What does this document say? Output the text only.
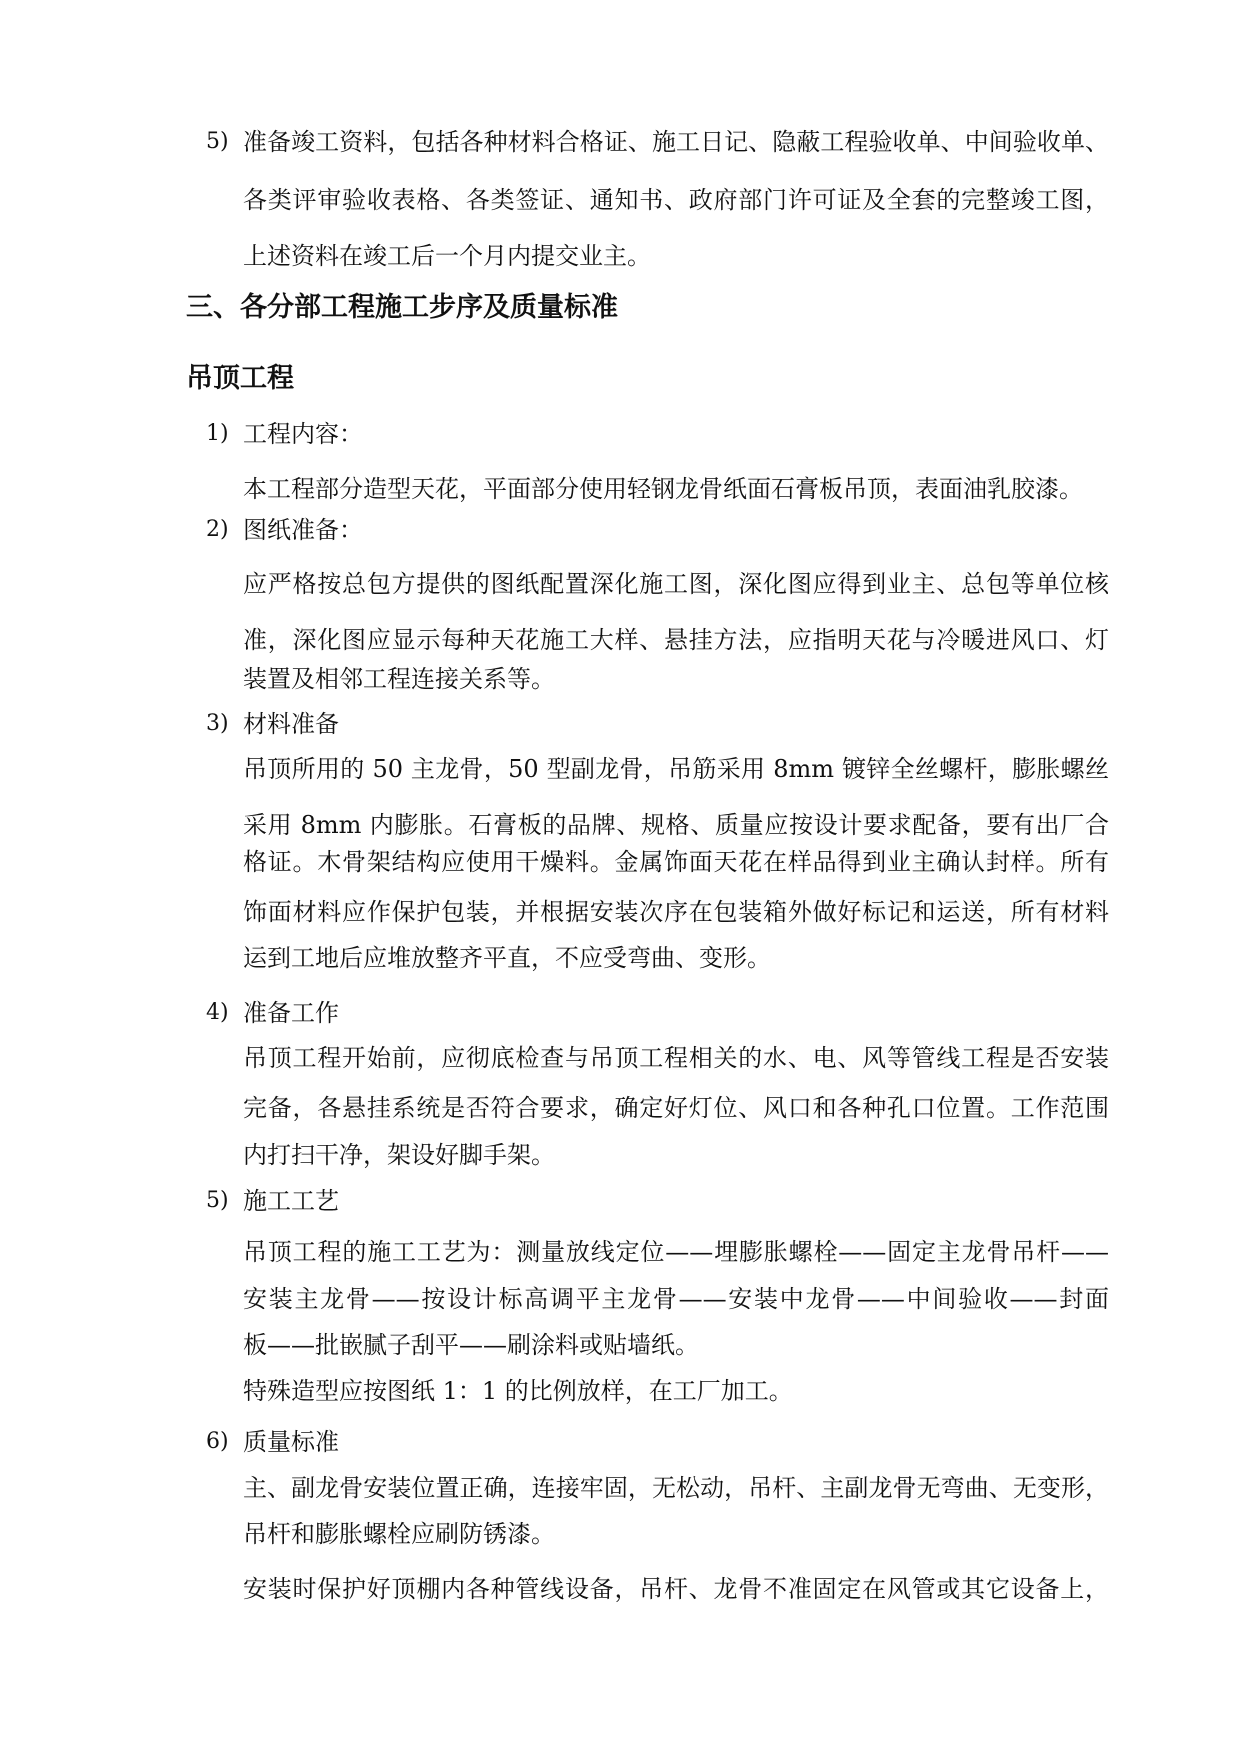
5) 准备竣工资料，包括各种材料合格证、施工日记、隐蔽工程验收单、中间验收单、
各类评审验收表格、各类签证、通知书、政府部门许可证及全套的完整竣工图，
上述资料在竣工后一个月内提交业主。
三、各分部工程施工步序及质量标准
吊顶工程
1) 工程内容：
本工程部分造型天花，平面部分使用轻钢龙骨纸面石膏板吊顶，表面油乳胶漆。
2) 图纸准备：
应严格按总包方提供的图纸配置深化施工图，深化图应得到业主、总包等单位核
准，深化图应显示每种天花施工大样、悬挂方法，应指明天花与冷暖进风口、灯
装置及相邻工程连接关系等。
3) 材料准备
吊顶所用的 50 主龙骨，50 型副龙骨，吊筋采用 8mm 镀锌全丝螺杆，膨胀螺丝
采用 8mm 内膨胀。石膏板的品牌、规格、质量应按设计要求配备，要有出厂合
格证。木骨架结构应使用干燥料。金属饰面天花在样品得到业主确认封样。所有
饰面材料应作保护包装，并根据安装次序在包装箱外做好标记和运送，所有材料
运到工地后应堆放整齐平直，不应受弯曲、变形。
4) 准备工作
吊顶工程开始前，应彻底检查与吊顶工程相关的水、电、风等管线工程是否安装
完备，各悬挂系统是否符合要求，确定好灯位、风口和各种孔口位置。工作范围
内打扫干净，架设好脚手架。
5) 施工工艺
吊顶工程的施工工艺为：测量放线定位——埋膨胀螺栓——固定主龙骨吊杆——
安装主龙骨——按设计标高调平主龙骨——安装中龙骨——中间验收——封面
板——批嵌腻子刮平——刷涂料或贴墙纸。
特殊造型应按图纸 1：1 的比例放样，在工厂加工。
6) 质量标准
主、副龙骨安装位置正确，连接牢固，无松动，吊杆、主副龙骨无弯曲、无变形，
吊杆和膨胀螺栓应刷防锈漆。
安装时保护好顶棚内各种管线设备，吊杆、龙骨不准固定在风管或其它设备上，
